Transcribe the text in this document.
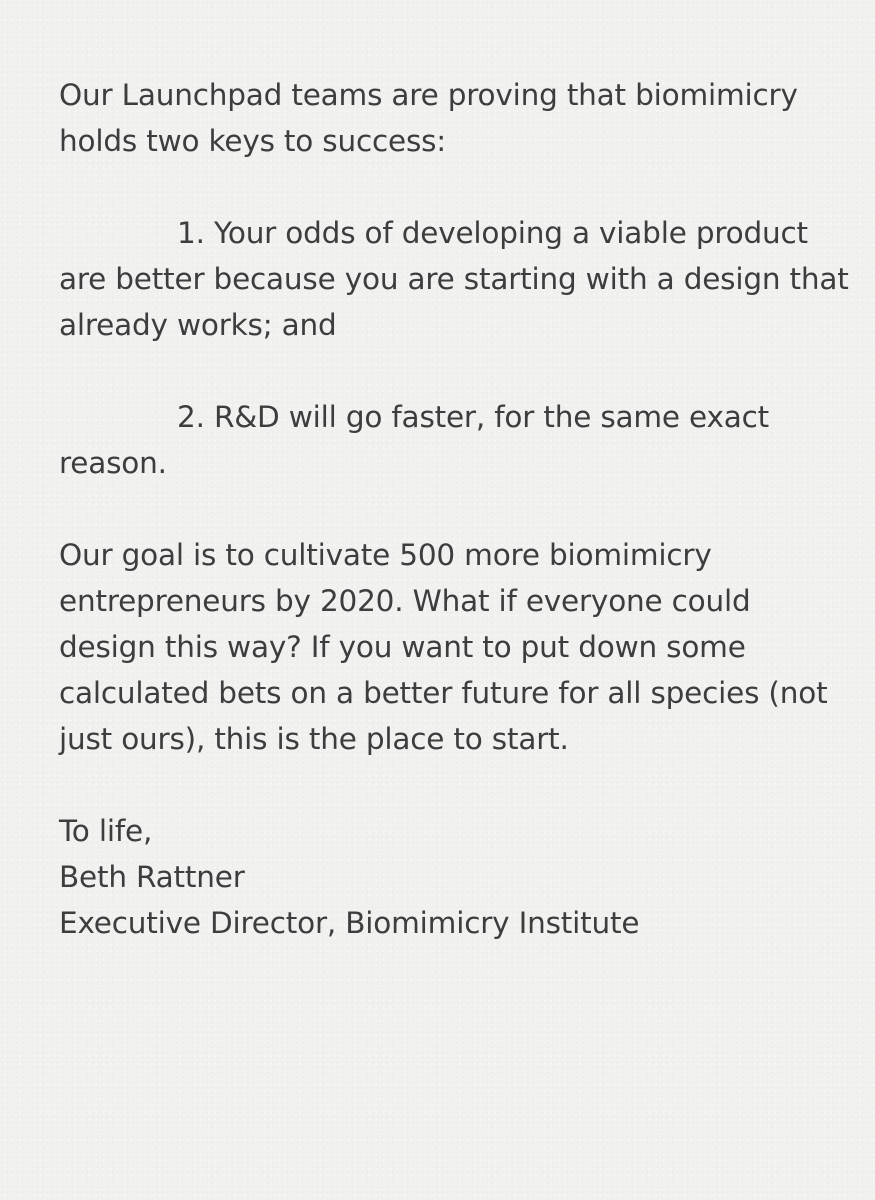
Our Launchpad teams are proving that biomimicry holds two keys to success:

1. Your odds of developing a viable product are better because you are starting with a design that already works; and

2. R&D will go faster, for the same exact reason.

Our goal is to cultivate 500 more biomimicry entrepreneurs by 2020. What if everyone could design this way? If you want to put down some calculated bets on a better future for all species (not just ours), this is the place to start.

To life,
Beth Rattner
Executive Director, Biomimicry Institute
